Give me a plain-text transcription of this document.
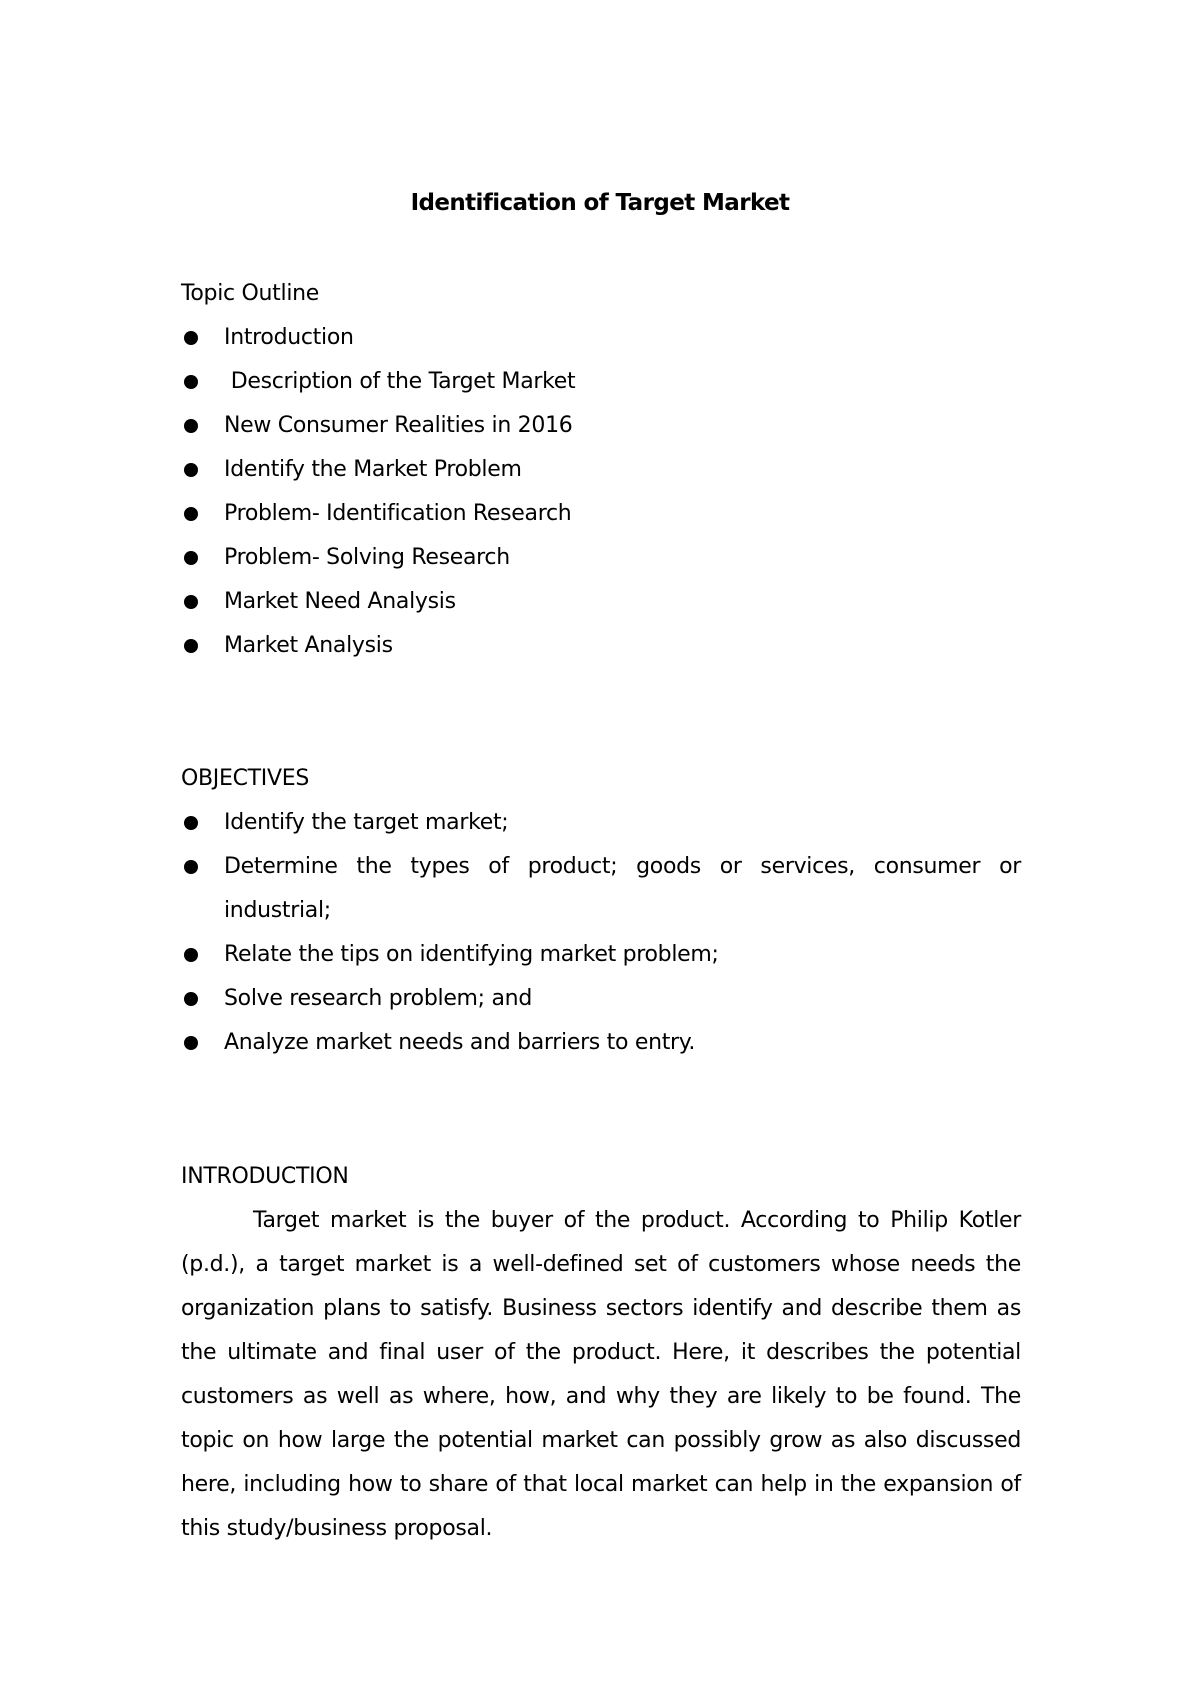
Identification of Target Market
Topic Outline
Introduction
Description of the Target Market
New Consumer Realities in 2016
Identify the Market Problem
Problem- Identification Research
Problem- Solving Research
Market Need Analysis
Market Analysis
OBJECTIVES
Identify the target market;
Determine the types of product; goods or services, consumer or industrial;
Relate the tips on identifying market problem;
Solve research problem; and
Analyze market needs and barriers to entry.
INTRODUCTION

Target market is the buyer of the product. According to Philip Kotler (p.d.), a target market is a well-defined set of customers whose needs the organization plans to satisfy. Business sectors identify and describe them as the ultimate and final user of the product. Here, it describes the potential customers as well as where, how, and why they are likely to be found. The topic on how large the potential market can possibly grow as also discussed here, including how to share of that local market can help in the expansion of this study/business proposal.
